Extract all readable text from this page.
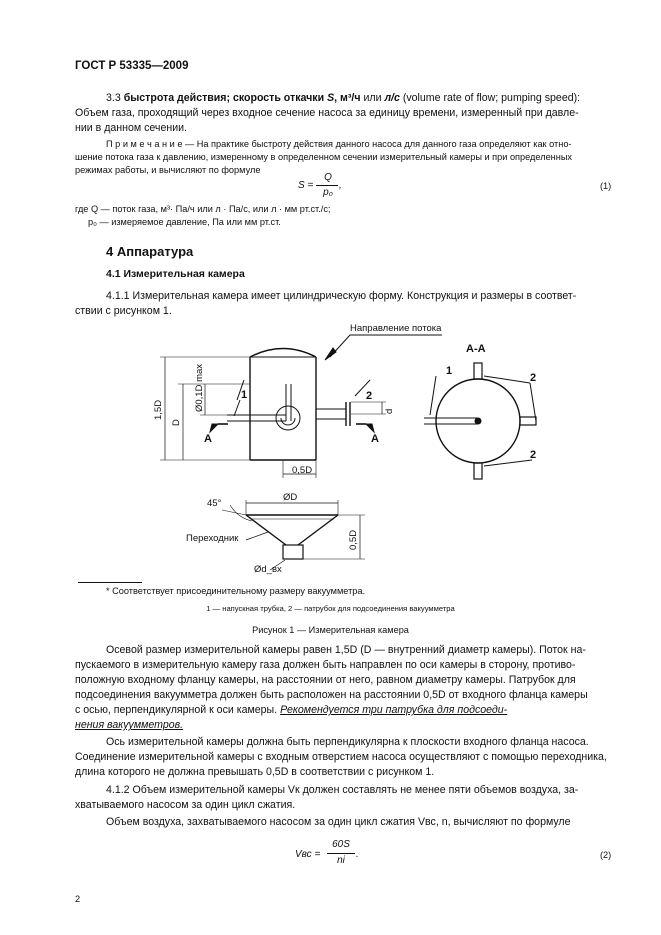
ГОСТ Р 53335—2009
3.3 быстрота действия; скорость откачки S, м³/ч или л/с (volume rate of flow; pumping speed):
Объем газа, проходящий через входное сечение насоса за единицу времени, измеренный при давле-
нии в данном сечении.
П р и м е ч а н и е — На практике быстроту действия данного насоса для данного газа определяют как отно-
шение потока газа к давлению, измеренному в определенном сечении измерительный камеры и при определенных
режимах работы, и вычисляют по формуле
S =
Q
p₀
,	(1)
где Q — поток газа, м³· Па/ч или л · Па/с, или л · мм рт.ст./с;
p₀ — измеряемое давление, Па или мм рт.ст.
4 Аппаратура
4.1 Измерительная камера
4.1.1 Измерительная камера имеет цилиндрическую форму. Конструкция и размеры в соответ-
ствии с рисунком 1.
Направление потока
А-А
1	2
А	А
1
2
2
1,5D
D
Ø0,1D max	d
0,5D
45°
ØD
0,5D
Переходник
Ød_вх
* Соответствует присоединительному размеру вакуумметра.
1 — напускная трубка, 2 — патрубок для подсоединения вакуумметра
Рисунок 1 — Измерительная камера
Осевой размер измерительной камеры равен 1,5D (D — внутренний диаметр камеры). Поток на-
пускаемого в измерительную камеру газа должен быть направлен по оси камеры в сторону, противо-
положную входному фланцу камеры, на расстоянии от него, равном диаметру камеры. Патрубок для
подсоединения вакуумметра должен быть расположен на расстоянии 0,5D от входного фланца камеры
с осью, перпендикулярной к оси камеры. Рекомендуется три патрубка для подсоеди-
нения вакуумметров.
Ось измерительной камеры должна быть перпендикулярна к плоскости входного фланца насоса.
Соединение измерительной камеры с входным отверстием насоса осуществляют с помощью переходника,
длина которого не должна превышать 0,5D в соответствии с рисунком 1.
4.1.2 Объем измерительной камеры Vк должен составлять не менее пяти объемов воздуха, за-
хватываемого насосом за один цикл сжатия.
Объем воздуха, захватываемого насосом за один цикл сжатия Vвс, n, вычисляют по формуле
Vвс =
60S
ni
.	(2)
2
